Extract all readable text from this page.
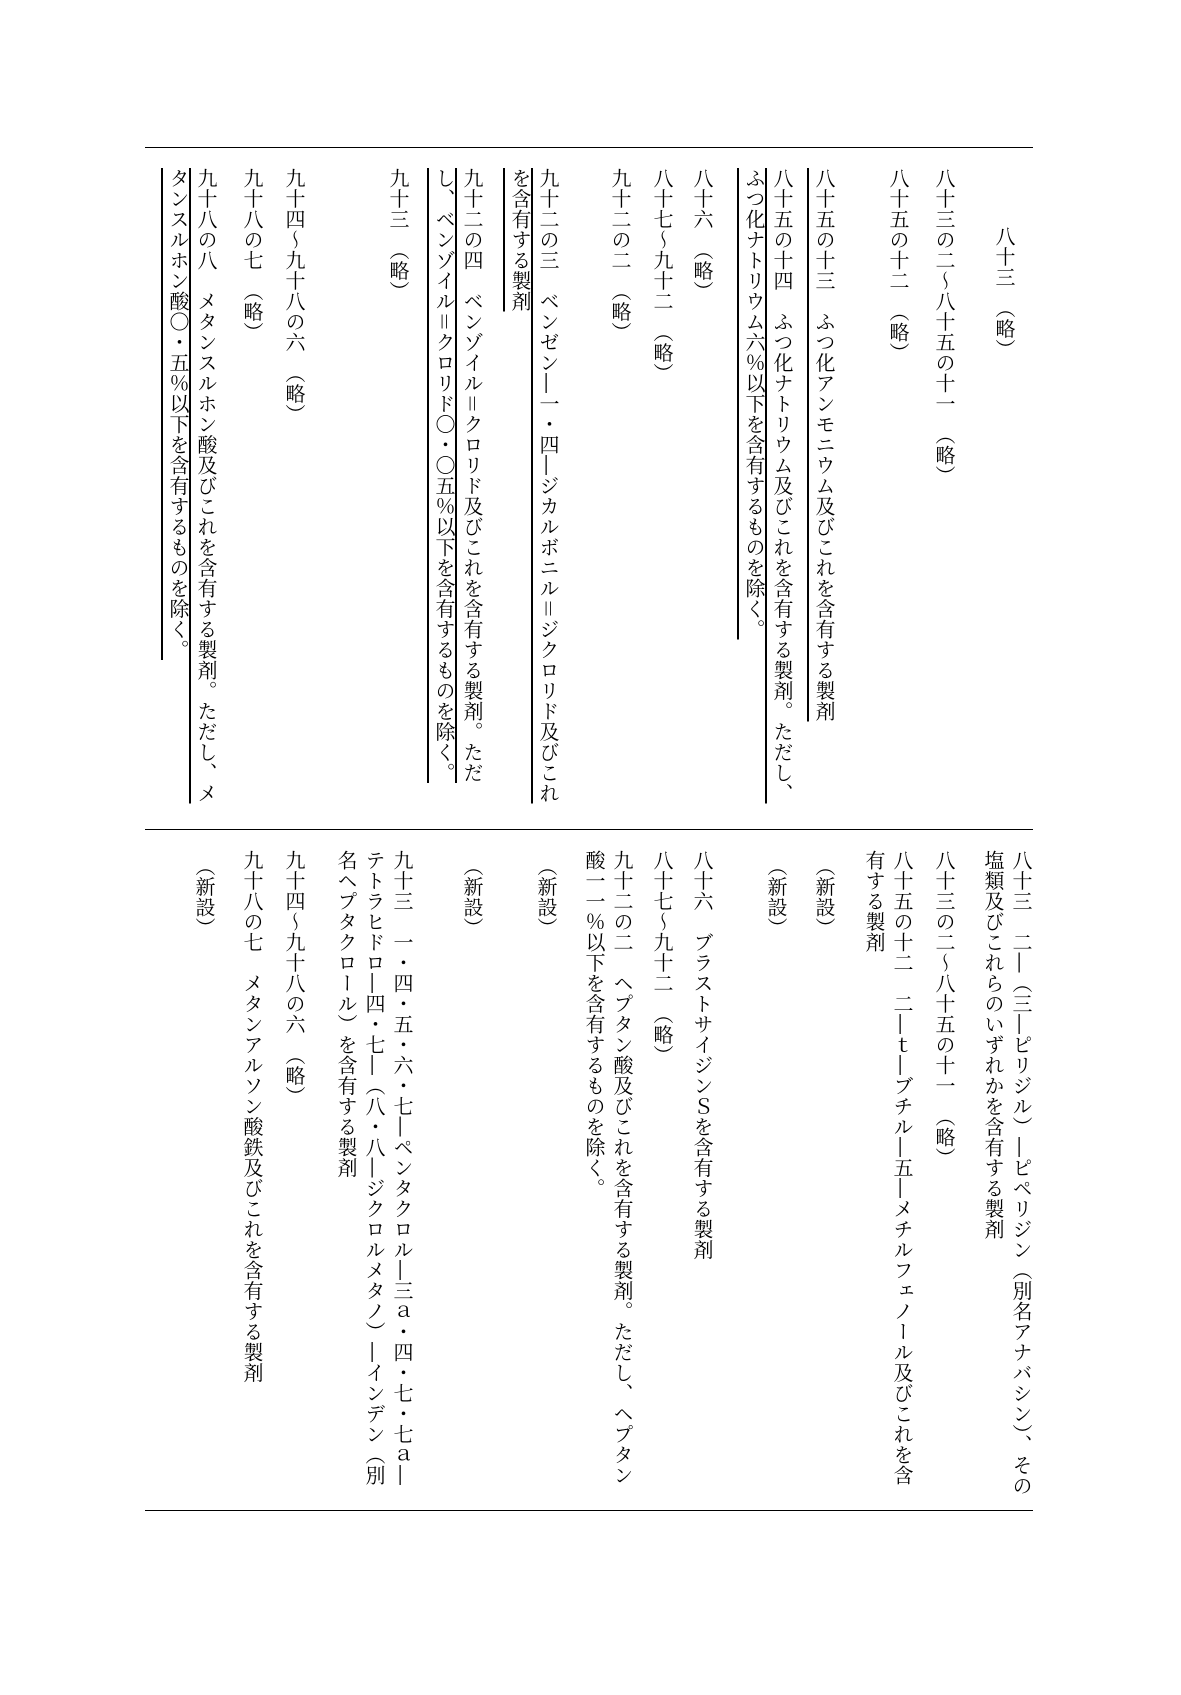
八十三　（略）
八十三の二〜八十五の十一　（略）
八十五の十二　（略）
八十五の十三　ふつ化アンモニウム及びこれを含有する製剤
八十五の十四　ふつ化ナトリウム及びこれを含有する製剤。ただし、ふつ化ナトリウム六％以下を含有するものを除く。
八十六　（略）
八十七〜九十二　（略）
九十二の二　（略）
九十二の三　ベンゼン―一・四―ジカルボニル＝ジクロリド及びこれを含有する製剤
九十二の四　ベンゾイル＝クロリド及びこれを含有する製剤。ただし、ベンゾイル＝クロリド〇・〇五％以下を含有するものを除く。
九十三　（略）
九十四〜九十八の六　（略）
九十八の七　（略）
九十八の八　メタンスルホン酸及びこれを含有する製剤。ただし、メタンスルホン酸〇・五％以下を含有するものを除く。
八十三　二―（三―ピリジル）―ピペリジン（別名アナバシン）、その塩類及びこれらのいずれかを含有する製剤
八十三の二〜八十五の十一　（略）
八十五の十二　二―ｔ―ブチル―五―メチルフェノール及びこれを含有する製剤
（新設）
（新設）
八十六　ブラストサイジンＳを含有する製剤
八十七〜九十二　（略）
九十二の二　ヘプタン酸及びこれを含有する製剤。ただし、ヘプタン酸一一％以下を含有するものを除く。
（新設）
（新設）
九十三　一・四・五・六・七―ペンタクロル―三ａ・四・七・七ａ―テトラヒドロ―四・七―（八・八―ジクロルメタノ）―インデン（別名ヘプタクロール）を含有する製剤
九十四〜九十八の六　（略）
九十八の七　メタンアルソン酸鉄及びこれを含有する製剤
（新設）
